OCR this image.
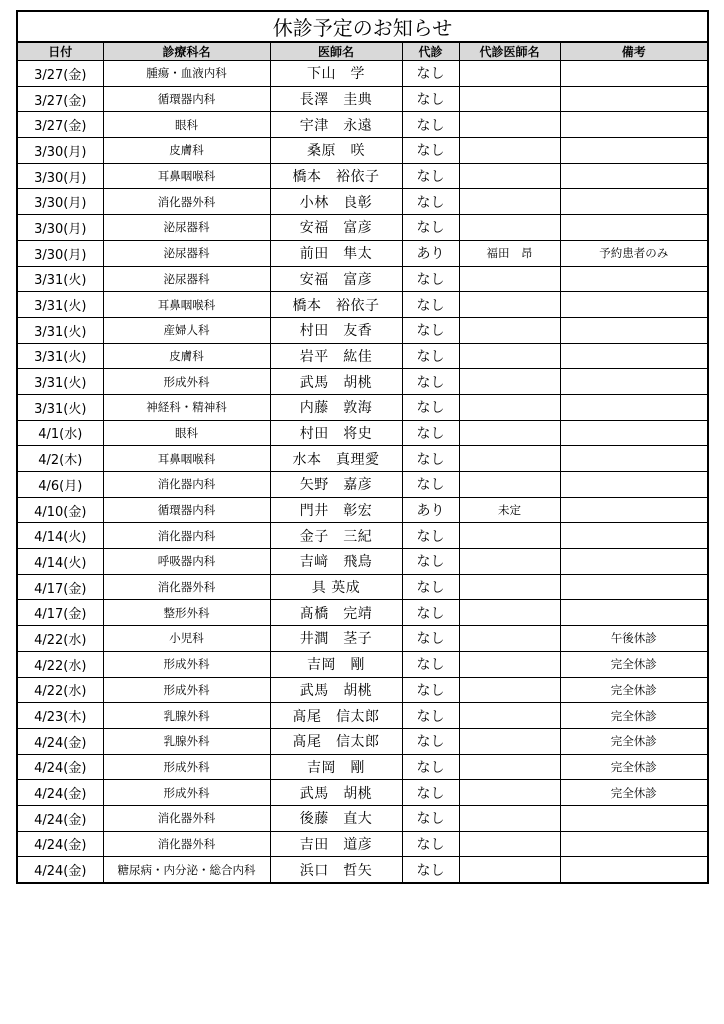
休診予定のお知らせ					
日付	診療科名	医師名	代診	代診医師名	備考
3/27(金)	腫瘍・血液内科	下山　学	なし		
3/27(金)	循環器内科	長澤　圭典	なし		
3/27(金)	眼科	宇津　永遠	なし		
3/30(月)	皮膚科	桑原　咲	なし		
3/30(月)	耳鼻咽喉科	橋本　裕依子	なし		
3/30(月)	消化器外科	小林　良彰	なし		
3/30(月)	泌尿器科	安福　富彦	なし		
3/30(月)	泌尿器科	前田　隼太	あり	福田　昂	予約患者のみ
3/31(火)	泌尿器科	安福　富彦	なし		
3/31(火)	耳鼻咽喉科	橋本　裕依子	なし		
3/31(火)	産婦人科	村田　友香	なし		
3/31(火)	皮膚科	岩平　紘佳	なし		
3/31(火)	形成外科	武馬　胡桃	なし		
3/31(火)	神経科・精神科	内藤　敦海	なし		
4/1(水)	眼科	村田　将史	なし		
4/2(木)	耳鼻咽喉科	水本　真理愛	なし		
4/6(月)	消化器内科	矢野　嘉彦	なし		
4/10(金)	循環器内科	門井　彰宏	あり	未定	
4/14(火)	消化器内科	金子　三紀	なし		
4/14(火)	呼吸器内科	吉﨑　飛鳥	なし		
4/17(金)	消化器外科	具 英成	なし		
4/17(金)	整形外科	髙橋　完靖	なし		
4/22(水)	小児科	井澗　茎子	なし		午後休診
4/22(水)	形成外科	吉岡　剛	なし		完全休診
4/22(水)	形成外科	武馬　胡桃	なし		完全休診
4/23(木)	乳腺外科	髙尾　信太郎	なし		完全休診
4/24(金)	乳腺外科	髙尾　信太郎	なし		完全休診
4/24(金)	形成外科	吉岡　剛	なし		完全休診
4/24(金)	形成外科	武馬　胡桃	なし		完全休診
4/24(金)	消化器外科	後藤　直大	なし		
4/24(金)	消化器外科	吉田　道彦	なし		
4/24(金)	糖尿病・内分泌・総合内科	浜口　哲矢	なし		
